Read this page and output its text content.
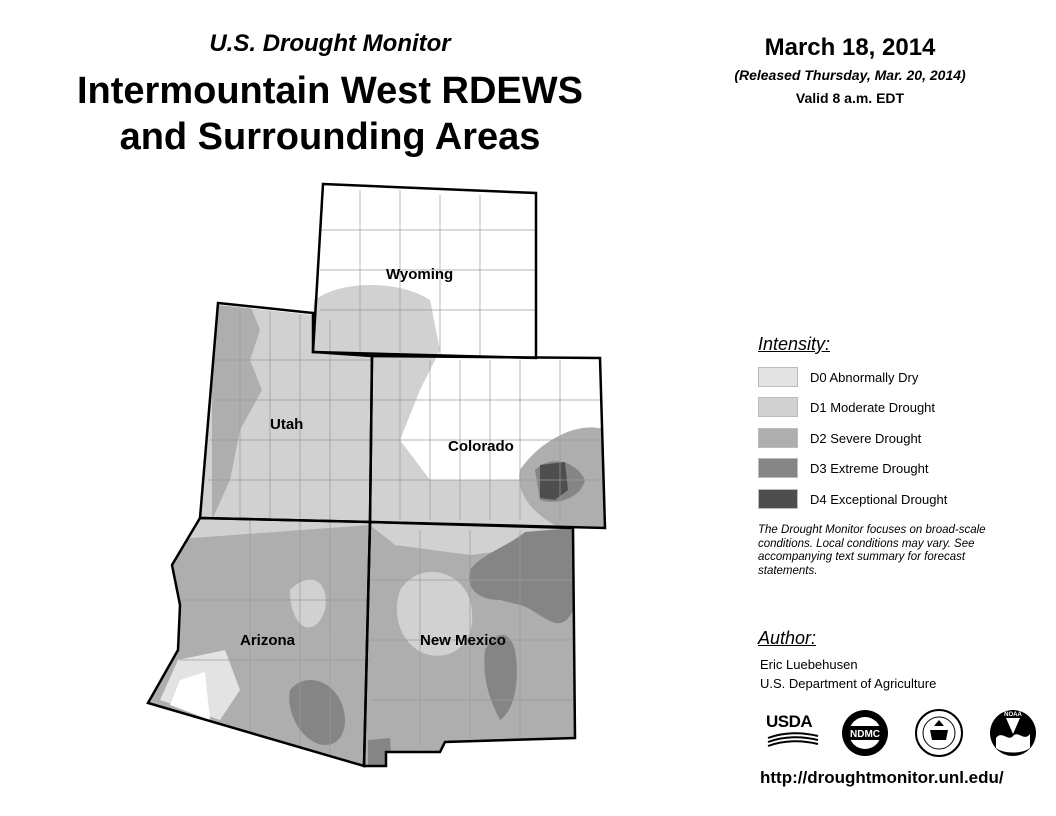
U.S. Drought Monitor
Intermountain West RDEWS
and Surrounding Areas
March 18, 2014
(Released Thursday, Mar. 20, 2014)
Valid 8 a.m. EDT
Wyoming
Utah
Colorado
Arizona	New Mexico
Intensity:
D0 Abnormally Dry
D1 Moderate Drought
D2 Severe Drought
D3 Extreme Drought
D4 Exceptional Drought
The Drought Monitor focuses on broad-scale conditions. Local conditions may vary. See accompanying text summary for forecast statements.
Author:
Eric Luebehusen
U.S. Department of Agriculture
USDA
NDMC
NOAA
http://droughtmonitor.unl.edu/
